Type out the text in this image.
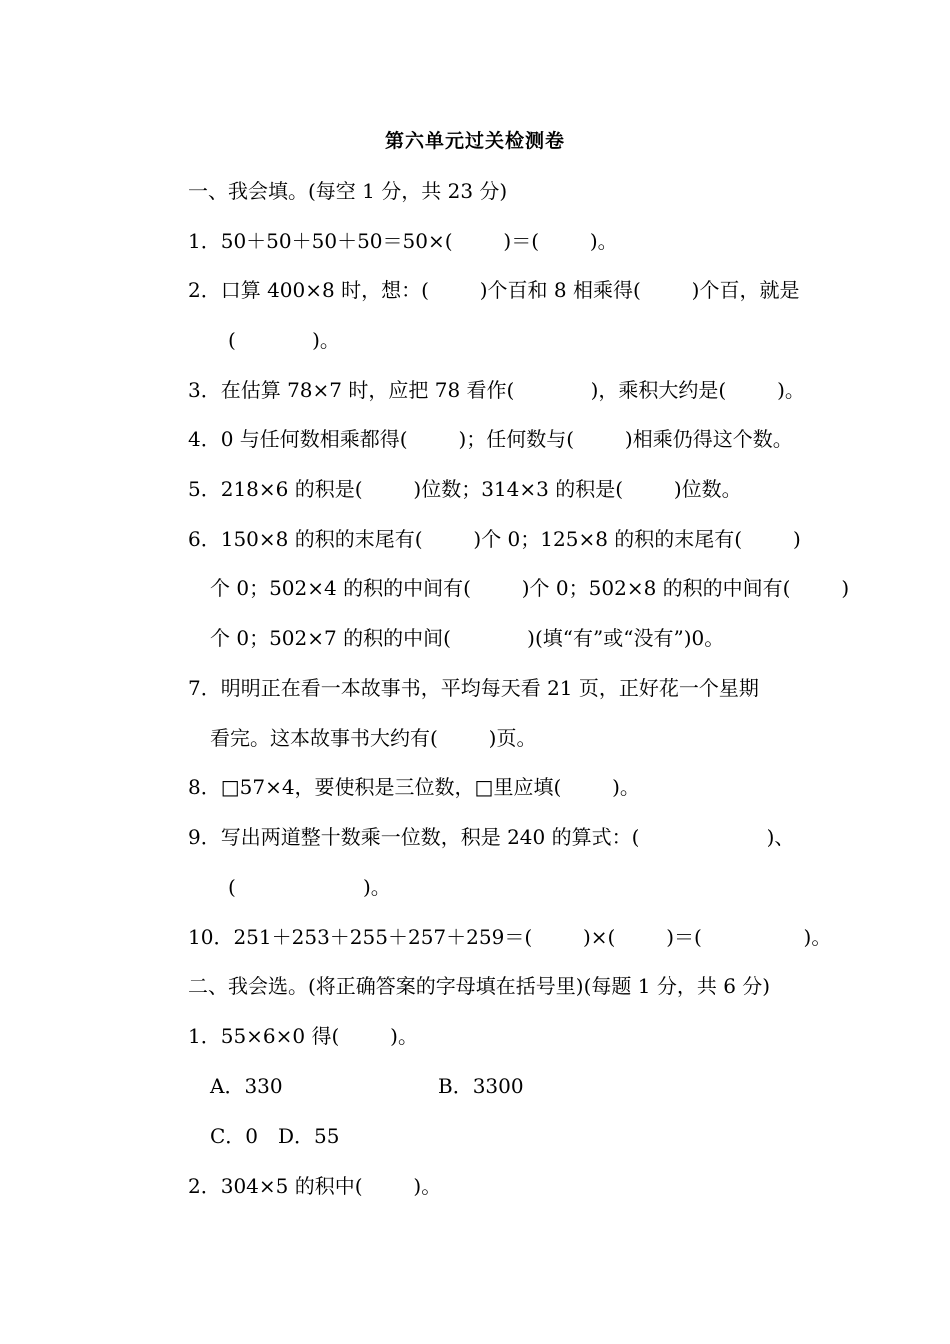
第六单元过关检测卷
一、我会填。(每空 1 分，共 23 分)
1．50＋50＋50＋50＝50×(        )＝(        )。
2．口算 400×8 时，想：(        )个百和 8 相乘得(        )个百，就是
(            )。
3．在估算 78×7 时，应把 78 看作(            )，乘积大约是(        )。
4．0 与任何数相乘都得(        )；任何数与(        )相乘仍得这个数。
5．218×6 的积是(        )位数；314×3 的积是(        )位数。
6．150×8 的积的末尾有(        )个 0；125×8 的积的末尾有(        )
个 0；502×4 的积的中间有(        )个 0；502×8 的积的中间有(        )
个 0；502×7 的积的中间(            )(填“有”或“没有”)0。
7．明明正在看一本故事书，平均每天看 21 页，正好花一个星期
看完。这本故事书大约有(        )页。
8．□57×4，要使积是三位数，□里应填(        )。
9．写出两道整十数乘一位数，积是 240 的算式：(                    )、
(                    )。
10．251＋253＋255＋257＋259＝(        )×(        )＝(                )。
二、我会选。(将正确答案的字母填在括号里)(每题 1 分，共 6 分)
1．55×6×0 得(        )。
A．330	B．3300
C．0　D．55
2．304×5 的积中(        )。
